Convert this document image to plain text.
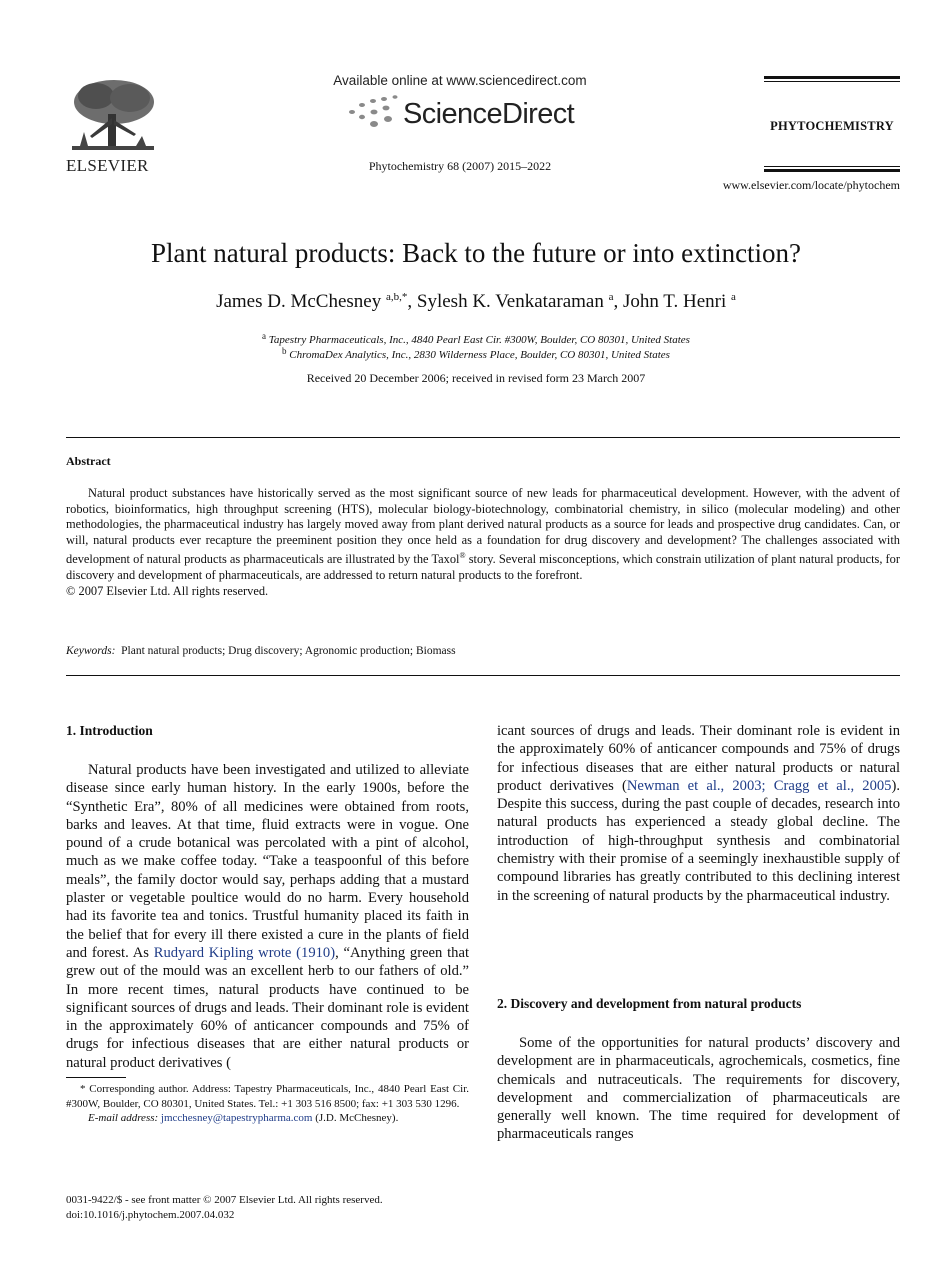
ELSEVIER
Available online at www.sciencedirect.com
ScienceDirect
Phytochemistry 68 (2007) 2015–2022
PHYTOCHEMISTRY
www.elsevier.com/locate/phytochem
Plant natural products: Back to the future or into extinction?
James D. McChesney $^{a,b,*}$, Sylesh K. Venkataraman $^a$, John T. Henri $^a$
$^a$ Tapestry Pharmaceuticals, Inc., 4840 Pearl East Cir. #300W, Boulder, CO 80301, United States
$^b$ ChromaDex Analytics, Inc., 2830 Wilderness Place, Boulder, CO 80301, United States
Received 20 December 2006; received in revised form 23 March 2007
Abstract

Natural product substances have historically served as the most significant source of new leads for pharmaceutical development. However, with the advent of robotics, bioinformatics, high throughput screening (HTS), molecular biology-biotechnology, combinatorial chemistry, in silico (molecular modeling) and other methodologies, the pharmaceutical industry has largely moved away from plant derived natural products as a source for leads and prospective drug candidates. Can, or will, natural products ever recapture the preeminent position they once held as a foundation for drug discovery and development? The challenges associated with development of natural products as pharmaceuticals are illustrated by the Taxol® story. Several misconceptions, which constrain utilization of plant natural products, for discovery and development of pharmaceuticals, are addressed to return natural products to the forefront.

© 2007 Elsevier Ltd. All rights reserved.
Keywords: Plant natural products; Drug discovery; Agronomic production; Biomass
1. Introduction

Natural products have been investigated and utilized to alleviate disease since early human history. In the early 1900s, before the “Synthetic Era”, 80% of all medicines were obtained from roots, barks and leaves. At that time, fluid extracts were in vogue. One pound of a crude botanical was percolated with a pint of alcohol, much as we make coffee today. “Take a teaspoonful of this before meals”, the family doctor would say, perhaps adding that a mustard plaster or vegetable poultice would do no harm. Every household had its favorite tea and tonics. Trustful humanity placed its faith in the belief that for every ill there existed a cure in the plants of field and forest. As Rudyard Kipling wrote (1910), “Anything green that grew out of the mould was an excellent herb to our fathers of old.” In more recent times, natural products have continued to be significant sources of drugs and leads. Their dominant role is evident in the approximately 60% of anticancer compounds and 75% of drugs for infectious diseases that are either natural products or natural product derivatives (

* Corresponding author. Address: Tapestry Pharmaceuticals, Inc., 4840 Pearl East Cir. #300W, Boulder, CO 80301, United States. Tel.: +1 303 516 8500; fax: +1 303 530 1296.
E-mail address: jmcchesney@tapestrypharma.com (J.D. McChesney).
0031-9422/$ - see front matter © 2007 Elsevier Ltd. All rights reserved.
doi:10.1016/j.phytochem.2007.04.032

icant sources of drugs and leads. Their dominant role is evident in the approximately 60% of anticancer compounds and 75% of drugs for infectious diseases that are either natural products or natural product derivatives (Newman et al., 2003; Cragg et al., 2005). Despite this success, during the past couple of decades, research into natural products has experienced a steady global decline. The introduction of high-throughput synthesis and combinatorial chemistry with their promise of a seemingly inexhaustible supply of compound libraries has greatly contributed to this declining interest in the screening of natural products by the pharmaceutical industry.

2. Discovery and development from natural products

Some of the opportunities for natural products’ discovery and development are in pharmaceuticals, agrochemicals, cosmetics, fine chemicals and nutraceuticals. The requirements for discovery, development and commercialization of pharmaceuticals are generally well known. The time required for development of pharmaceuticals ranges
